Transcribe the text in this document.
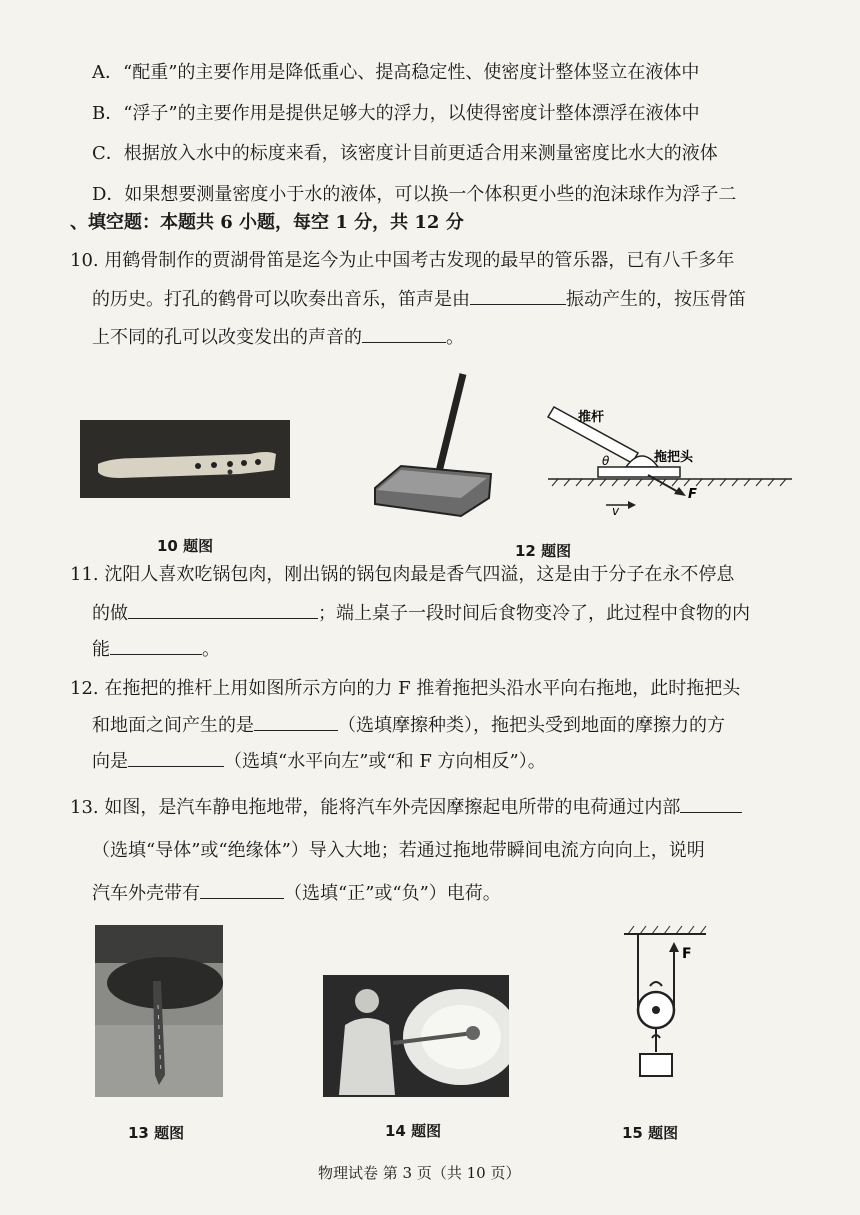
A．“配重”的主要作用是降低重心、提高稳定性、使密度计整体竖立在液体中
B．“浮子”的主要作用是提供足够大的浮力，以使得密度计整体漂浮在液体中
C．根据放入水中的标度来看，该密度计目前更适合用来测量密度比水大的液体
D．如果想要测量密度小于水的液体，可以换一个体积更小些的泡沫球作为浮子二
、填空题：本题共 6 小题，每空 1 分，共 12 分
10. 用鹤骨制作的贾湖骨笛是迄今为止中国考古发现的最早的管乐器，已有八千多年
的历史。打孔的鹤骨可以吹奏出音乐，笛声是由	振动产生的，按压骨笛
上不同的孔可以改变发出的声音的	。
10 题图
推杆
拖把头
θ
F
v
12 题图
11. 沈阳人喜欢吃锅包肉，刚出锅的锅包肉最是香气四溢，这是由于分子在永不停息
的做	；端上桌子一段时间后食物变冷了，此过程中食物的内
能	。
12. 在拖把的推杆上用如图所示方向的力 F 推着拖把头沿水平向右拖地，此时拖把头
和地面之间产生的是	（选填摩擦种类），拖把头受到地面的摩擦力的方
向是	（选填“水平向左”或“和 F 方向相反”）。
13. 如图，是汽车静电拖地带，能将汽车外壳因摩擦起电所带的电荷通过内部
（选填“导体”或“绝缘体”）导入大地；若通过拖地带瞬间电流方向向上，说明
汽车外壳带有	（选填“正”或“负”）电荷。
13 题图	14 题图
F
15 题图
物理试卷 第 3 页（共 10 页）
